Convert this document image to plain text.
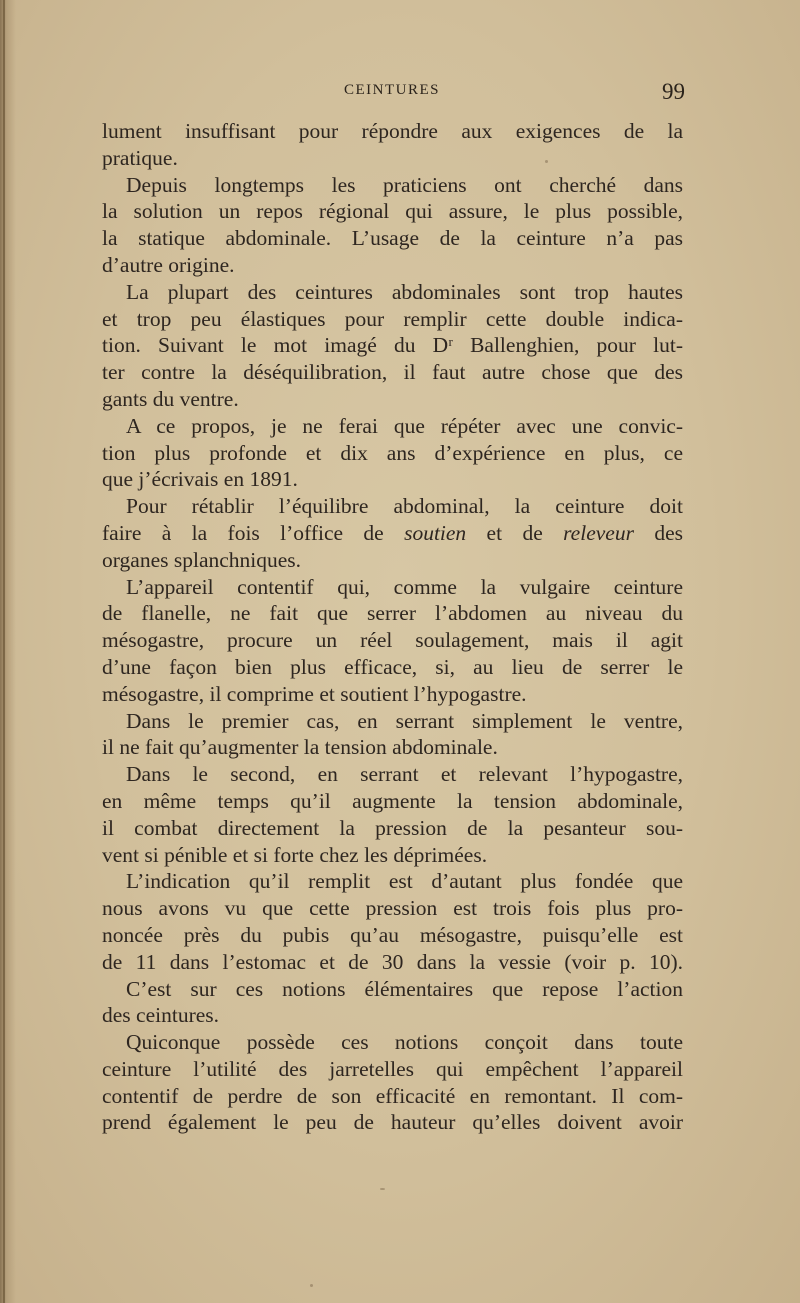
CEINTURES	99
lument insuffisant pour répondre aux exigences de la
pratique.
Depuis longtemps les praticiens ont cherché dans
la solution un repos régional qui assure, le plus possible,
la statique abdominale. L’usage de la ceinture n’a pas
d’autre origine.
La plupart des ceintures abdominales sont trop hautes
et trop peu élastiques pour remplir cette double indica-
tion. Suivant le mot imagé du Dʳ Ballenghien, pour lut-
ter contre la déséquilibration, il faut autre chose que des
gants du ventre.
A ce propos, je ne ferai que répéter avec une convic-
tion plus profonde et dix ans d’expérience en plus, ce
que j’écrivais en 1891.
Pour rétablir l’équilibre abdominal, la ceinture doit
faire à la fois l’office de soutien et de releveur des
organes splanchniques.
L’appareil contentif qui, comme la vulgaire ceinture
de flanelle, ne fait que serrer l’abdomen au niveau du
mésogastre, procure un réel soulagement, mais il agit
d’une façon bien plus efficace, si, au lieu de serrer le
mésogastre, il comprime et soutient l’hypogastre.
Dans le premier cas, en serrant simplement le ventre,
il ne fait qu’augmenter la tension abdominale.
Dans le second, en serrant et relevant l’hypogastre,
en même temps qu’il augmente la tension abdominale,
il combat directement la pression de la pesanteur sou-
vent si pénible et si forte chez les déprimées.
L’indication qu’il remplit est d’autant plus fondée que
nous avons vu que cette pression est trois fois plus pro-
noncée près du pubis qu’au mésogastre, puisqu’elle est
de 11 dans l’estomac et de 30 dans la vessie (voir p. 10).
C’est sur ces notions élémentaires que repose l’action
des ceintures.
Quiconque possède ces notions conçoit dans toute
ceinture l’utilité des jarretelles qui empêchent l’appareil
contentif de perdre de son efficacité en remontant. Il com-
prend également le peu de hauteur qu’elles doivent avoir
